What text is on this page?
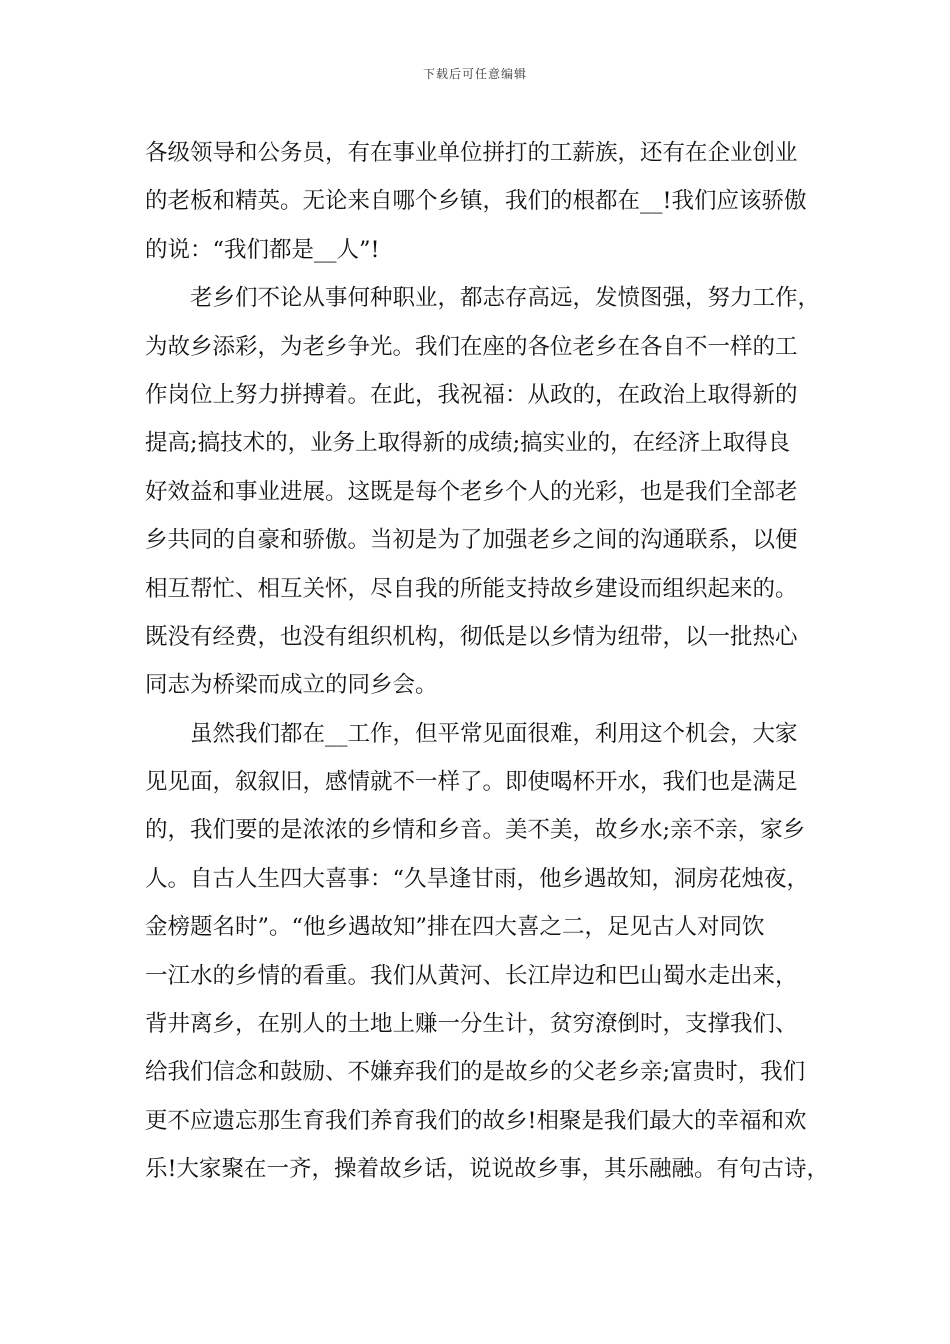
下载后可任意编辑
各级领导和公务员，有在事业单位拼打的工薪族，还有在企业创业
的老板和精英。无论来自哪个乡镇，我们的根都在__!我们应该骄傲
的说：“我们都是__人”!
老乡们不论从事何种职业，都志存高远，发愤图强，努力工作，
为故乡添彩，为老乡争光。我们在座的各位老乡在各自不一样的工
作岗位上努力拼搏着。在此，我祝福：从政的，在政治上取得新的
提高;搞技术的，业务上取得新的成绩;搞实业的，在经济上取得良
好效益和事业进展。这既是每个老乡个人的光彩，也是我们全部老
乡共同的自豪和骄傲。当初是为了加强老乡之间的沟通联系，以便
相互帮忙、相互关怀，尽自我的所能支持故乡建设而组织起来的。
既没有经费，也没有组织机构，彻低是以乡情为纽带，以一批热心
同志为桥梁而成立的同乡会。
虽然我们都在__工作，但平常见面很难，利用这个机会，大家
见见面，叙叙旧，感情就不一样了。即使喝杯开水，我们也是满足
的，我们要的是浓浓的乡情和乡音。美不美，故乡水;亲不亲，家乡
人。自古人生四大喜事：“久旱逢甘雨，他乡遇故知，洞房花烛夜，
金榜题名时”。“他乡遇故知”排在四大喜之二，足见古人对同饮
一江水的乡情的看重。我们从黄河、长江岸边和巴山蜀水走出来，
背井离乡，在别人的土地上赚一分生计，贫穷潦倒时，支撑我们、
给我们信念和鼓励、不嫌弃我们的是故乡的父老乡亲;富贵时，我们
更不应遗忘那生育我们养育我们的故乡!相聚是我们最大的幸福和欢
乐!大家聚在一齐，操着故乡话，说说故乡事，其乐融融。有句古诗，
